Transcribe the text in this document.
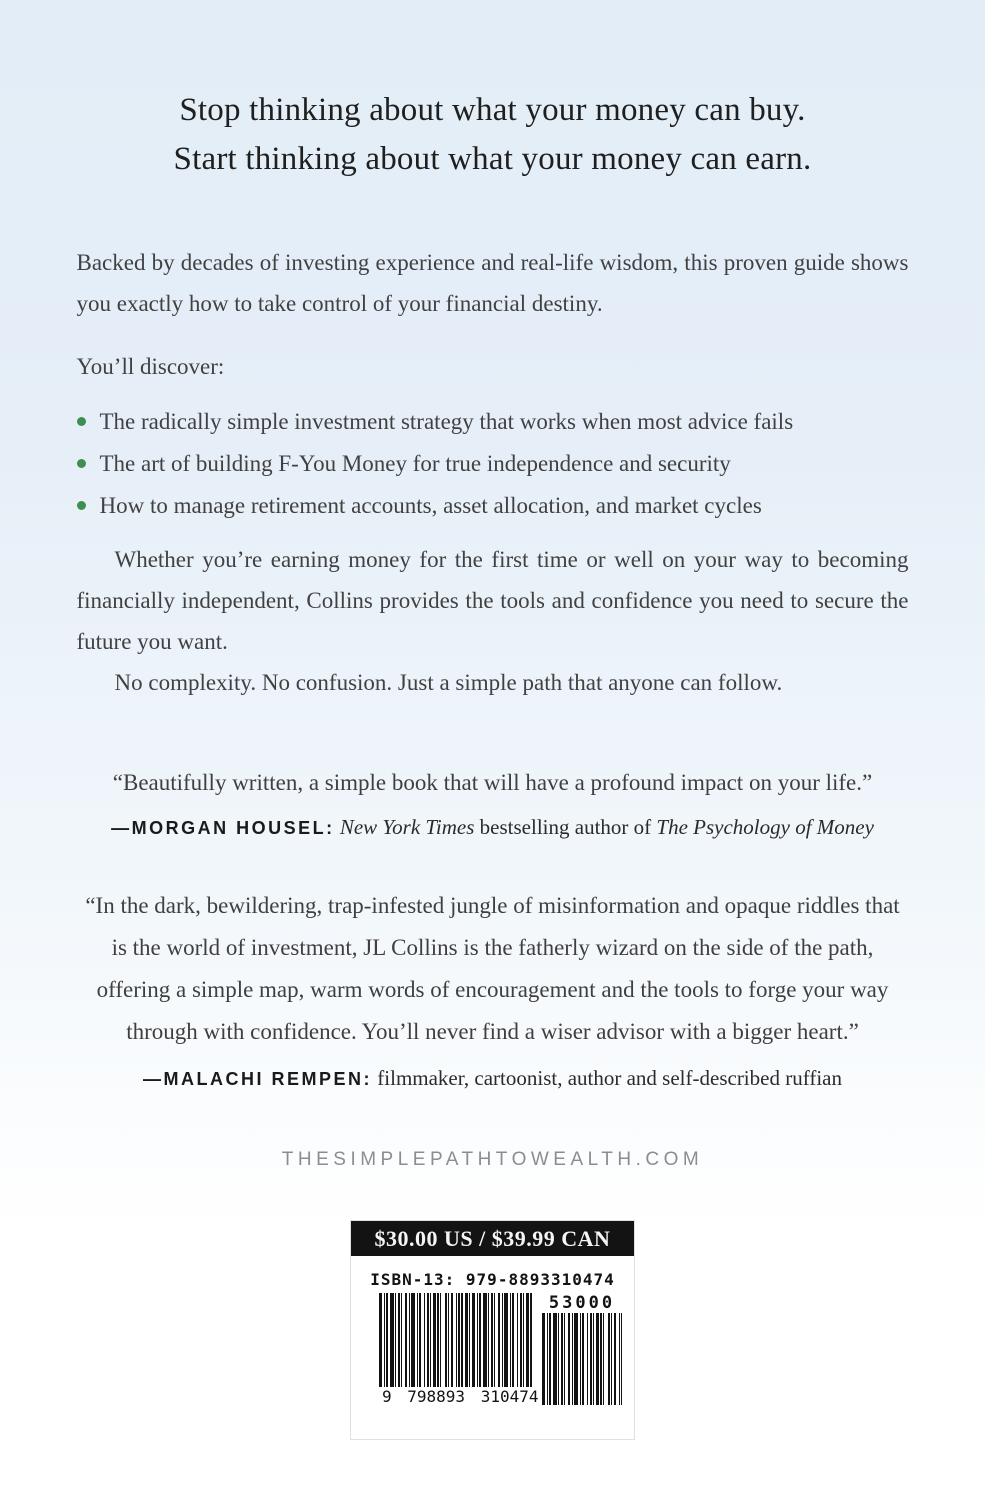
Stop thinking about what your money can buy.
Start thinking about what your money can earn.

Backed by decades of investing experience and real-life wisdom, this proven guide shows you exactly how to take control of your financial destiny.

You’ll discover:

The radically simple investment strategy that works when most advice fails
The art of building F-You Money for true independence and security
How to manage retirement accounts, asset allocation, and market cycles

Whether you’re earning money for the first time or well on your way to becoming financially independent, Collins provides the tools and confidence you need to secure the future you want.

No complexity. No confusion. Just a simple path that anyone can follow.

“Beautifully written, a simple book that will have a profound impact on your life.”

—MORGAN HOUSEL: New York Times bestselling author of The Psychology of Money

“In the dark, bewildering, trap-infested jungle of misinformation and opaque riddles that is the world of investment, JL Collins is the fatherly wizard on the side of the path, offering a simple map, warm words of encouragement and the tools to forge your way through with confidence. You’ll never find a wiser advisor with a bigger heart.”

—MALACHI REMPEN: filmmaker, cartoonist, author and self-described ruffian

THESIMPLEPATHTOWEALTH.COM

$30.00 US / $39.99 CAN
ISBN-13: 979-8893310474
9 798893 310474
53000
